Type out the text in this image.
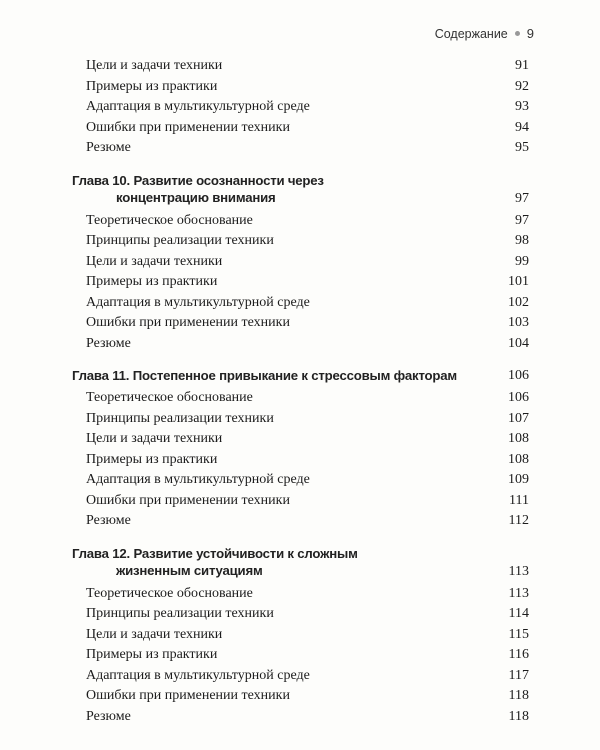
Содержание 9
Цели и задачи техники	91
Примеры из практики	92
Адаптация в мультикультурной среде	93
Ошибки при применении техники	94
Резюме	95
Глава 10. Развитие осознанности через
концентрацию внимания	97
Теоретическое обоснование	97
Принципы реализации техники	98
Цели и задачи техники	99
Примеры из практики	101
Адаптация в мультикультурной среде	102
Ошибки при применении техники	103
Резюме	104
Глава 11. Постепенное привыкание к стрессовым факторам	106
Теоретическое обоснование	106
Принципы реализации техники	107
Цели и задачи техники	108
Примеры из практики	108
Адаптация в мультикультурной среде	109
Ошибки при применении техники	111
Резюме	112
Глава 12. Развитие устойчивости к сложным
жизненным ситуациям	113
Теоретическое обоснование	113
Принципы реализации техники	114
Цели и задачи техники	115
Примеры из практики	116
Адаптация в мультикультурной среде	117
Ошибки при применении техники	118
Резюме	118
